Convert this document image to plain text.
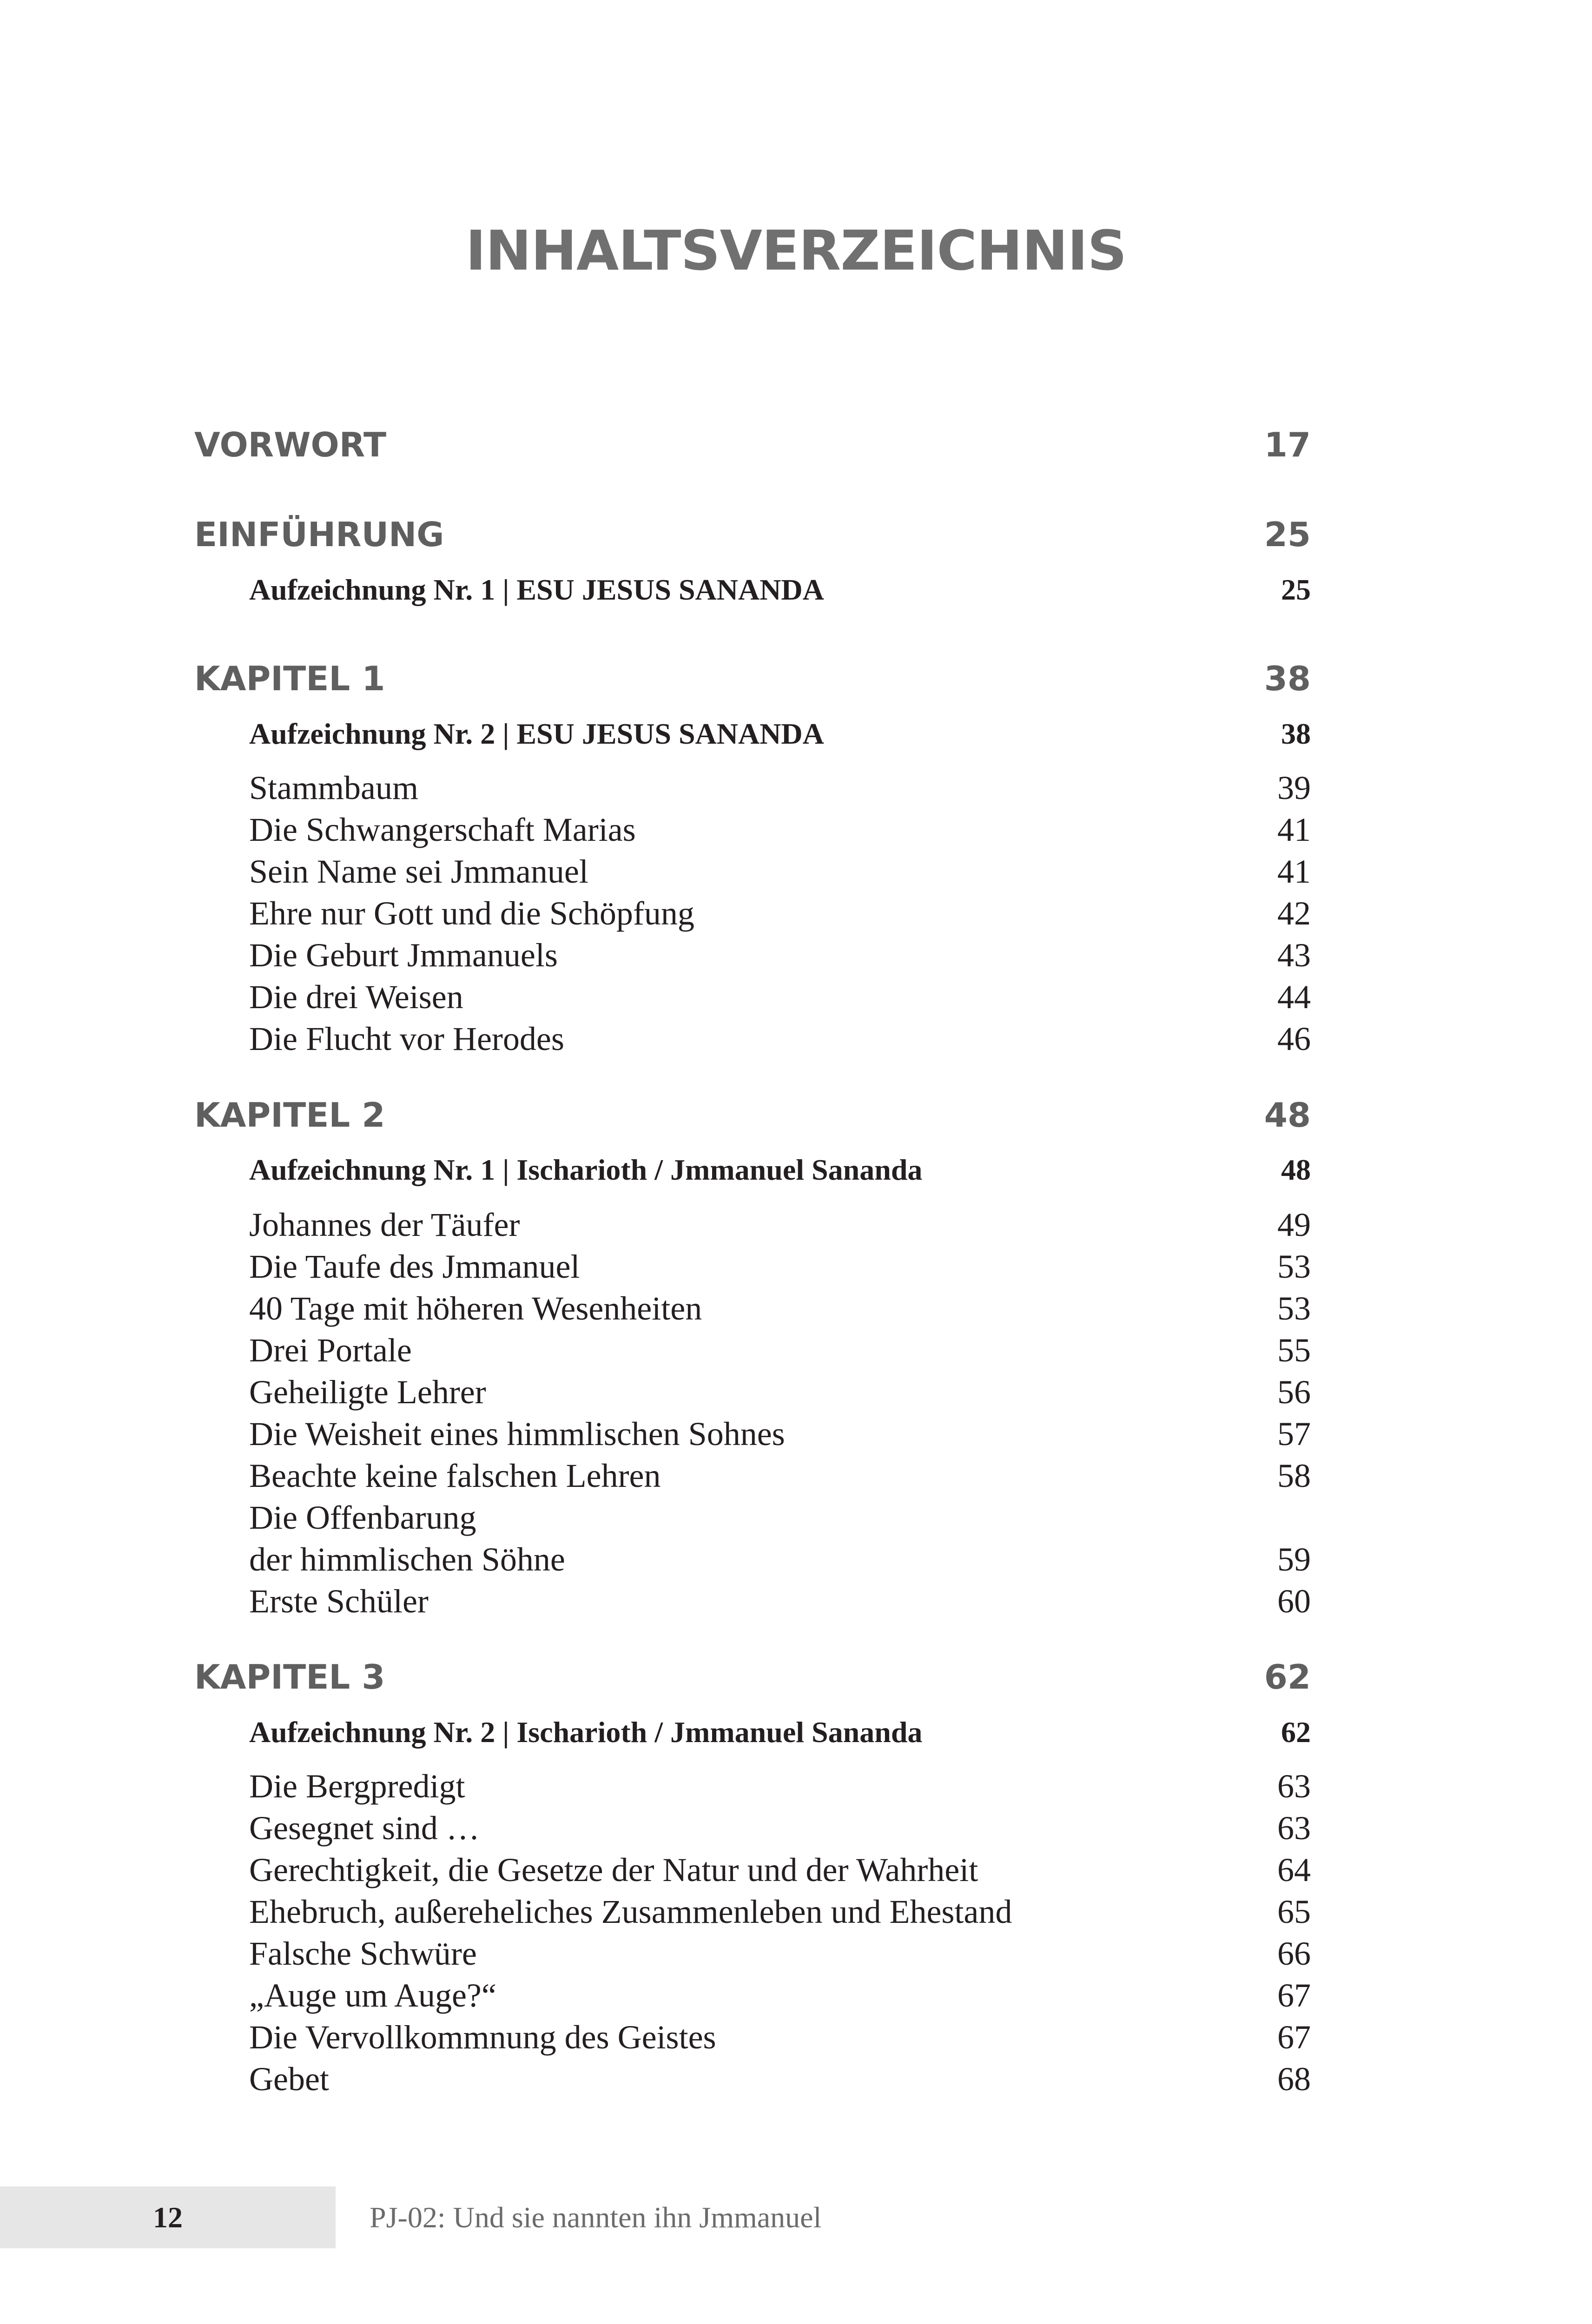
INHALTSVERZEICHNIS
VORWORT	17
EINFÜHRUNG	25
Aufzeichnung Nr. 1 | ESU JESUS SANANDA	25
KAPITEL 1	38
Aufzeichnung Nr. 2 | ESU JESUS SANANDA	38
Stammbaum	39
Die Schwangerschaft Marias	41
Sein Name sei Jmmanuel	41
Ehre nur Gott und die Schöpfung	42
Die Geburt Jmmanuels	43
Die drei Weisen	44
Die Flucht vor Herodes	46
KAPITEL 2	48
Aufzeichnung Nr. 1 | Ischarioth / Jmmanuel Sananda	48
Johannes der Täufer	49
Die Taufe des Jmmanuel	53
40 Tage mit höheren Wesenheiten	53
Drei Portale	55
Geheiligte Lehrer	56
Die Weisheit eines himmlischen Sohnes	57
Beachte keine falschen Lehren	58
Die Offenbarung
der himmlischen Söhne	59
Erste Schüler	60
KAPITEL 3	62
Aufzeichnung Nr. 2 | Ischarioth / Jmmanuel Sananda	62
Die Bergpredigt	63
Gesegnet sind …	63
Gerechtigkeit, die Gesetze der Natur und der Wahrheit	64
Ehebruch, außereheliches Zusammenleben und Ehestand	65
Falsche Schwüre	66
„Auge um Auge?“	67
Die Vervollkommnung des Geistes	67
Gebet	68
12	PJ-02: Und sie nannten ihn Jmmanuel
